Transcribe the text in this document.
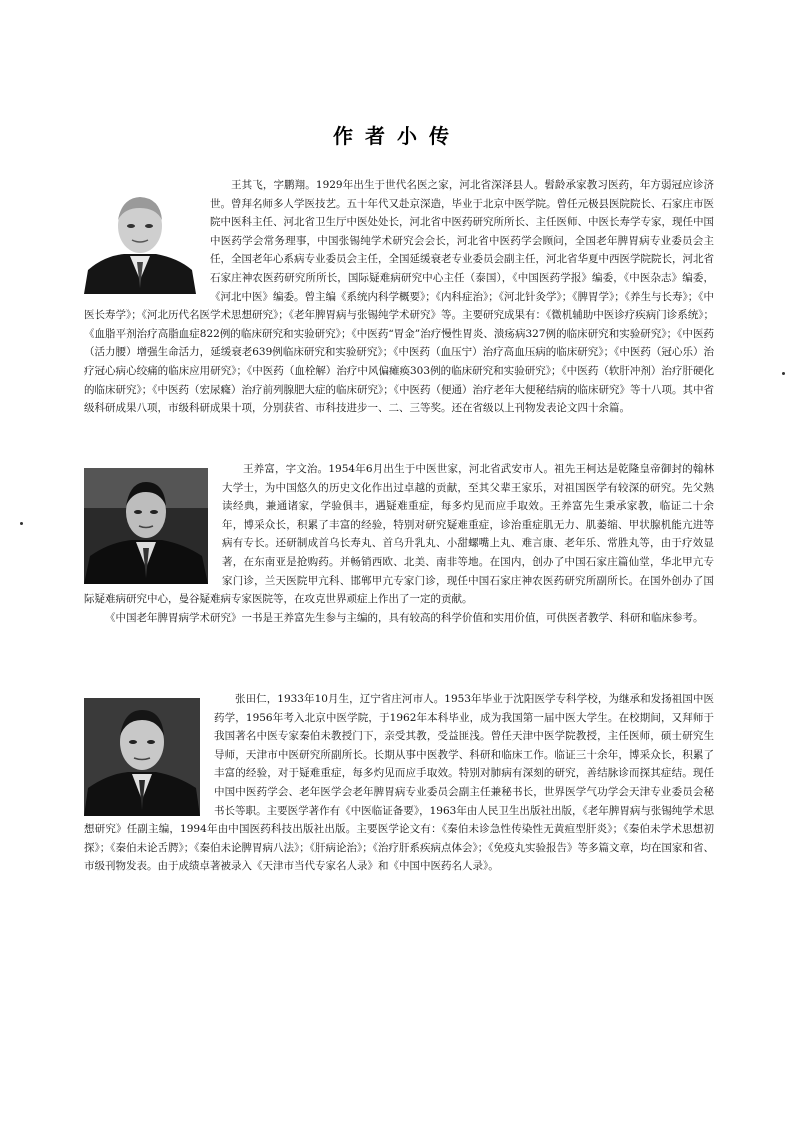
作者小传

王其飞，字鹏翔。1929年出生于世代名医之家，河北省深泽县人。髫龄承家教习医药，年方弱冠应诊济世。曾拜名师多人学医技艺。五十年代又赴京深造，毕业于北京中医学院。曾任元极县医院院长、石家庄市医院中医科主任、河北省卫生厅中医处处长，河北省中医药研究所所长、主任医师、中医长寿学专家，现任中国中医药学会常务理事，中国张锡纯学术研究会会长，河北省中医药学会顾问，全国老年脾胃病专业委员会主任，全国老年心系病专业委员会主任，全国延缓衰老专业委员会副主任，河北省华夏中西医学院院长，河北省石家庄神农医药研究所所长，国际疑难病研究中心主任（泰国），《中国医药学报》编委，《中医杂志》编委，《河北中医》编委。曾主编《系统内科学概要》；《内科症治》；《河北针灸学》；《脾胃学》；《养生与长寿》；《中医长寿学》；《河北历代名医学术思想研究》；《老年脾胃病与张锡纯学术研究》等。主要研究成果有：《微机辅助中医诊疗疾病门诊系统》；《血脂平剂治疗高脂血症822例的临床研究和实验研究》；《中医药“胃金”治疗慢性胃炎、溃疡病327例的临床研究和实验研究》；《中医药（活力腰）增强生命活力，延缓衰老639例临床研究和实验研究》；《中医药（血压宁）治疗高血压病的临床研究》；《中医药（冠心乐）治疗冠心病心绞痛的临床应用研究》；《中医药（血栓解）治疗中风偏瘫痪303例的临床研究和实验研究》；《中医药（软肝冲剂）治疗肝硬化的临床研究》；《中医药（宏尿癃）治疗前列腺肥大症的临床研究》；《中医药（便通）治疗老年大便秘结病的临床研究》等十八项。其中省级科研成果八项，市级科研成果十项，分别获省、市科技进步一、二、三等奖。还在省级以上刊物发表论文四十余篇。

王养富，字文治。1954年6月出生于中医世家，河北省武安市人。祖先王柯达是乾隆皇帝御封的翰林大学士，为中国悠久的历史文化作出过卓越的贡献，至其父辈王家乐，对祖国医学有较深的研究。先父熟读经典，兼通诸家，学验俱丰，遇疑难重症，每多灼见而应手取效。王养富先生秉承家教，临证二十余年，博采众长，积累了丰富的经验，特别对研究疑难重症，诊治重症肌无力、肌萎缩、甲状腺机能亢进等病有专长。还研制成首乌长寿丸、首乌升乳丸、小甜螺嘴上丸、难言康、老年乐、常胜丸等，由于疗效显著，在东南亚是抢购药。并畅销西欧、北美、南非等地。在国内，创办了中国石家庄篇仙堂，华北甲亢专家门诊，兰天医院甲亢科、邯郸甲亢专家门诊，现任中国石家庄神农医药研究所副所长。在国外创办了国际疑难病研究中心，曼谷疑难病专家医院等，在攻克世界顽症上作出了一定的贡献。

《中国老年脾胃病学术研究》一书是王养富先生参与主编的，具有较高的科学价值和实用价值，可供医者教学、科研和临床参考。

张田仁，1933年10月生，辽宁省庄河市人。1953年毕业于沈阳医学专科学校，为继承和发扬祖国中医药学，1956年考入北京中医学院，于1962年本科毕业，成为我国第一届中医大学生。在校期间，又拜师于我国著名中医专家秦伯未教授门下，亲受其教，受益匪浅。曾任天津中医学院教授，主任医师，硕士研究生导师，天津市中医研究所副所长。长期从事中医教学、科研和临床工作。临证三十余年，博采众长，积累了丰富的经验，对于疑难重症，每多灼见而应手取效。特别对肺病有深刻的研究，善结脉诊而探其症结。现任中国中医药学会、老年医学会老年脾胃病专业委员会副主任兼秘书长，世界医学气功学会天津专业委员会秘书长等职。主要医学著作有《中医临证备要》，1963年由人民卫生出版社出版，《老年脾胃病与张锡纯学术思想研究》任副主编，1994年由中国医药科技出版社出版。主要医学论文有：《秦伯未诊急性传染性无黄疸型肝炎》；《秦伯未学术思想初探》；《秦伯未论舌腭》；《秦伯未论脾胃病八法》；《肝病论治》；《治疗肝系疾病点体会》；《免疫丸实验报告》等多篇文章，均在国家和省、市级刊物发表。由于成绩卓著被录入《天津市当代专家名人录》和《中国中医药名人录》。
